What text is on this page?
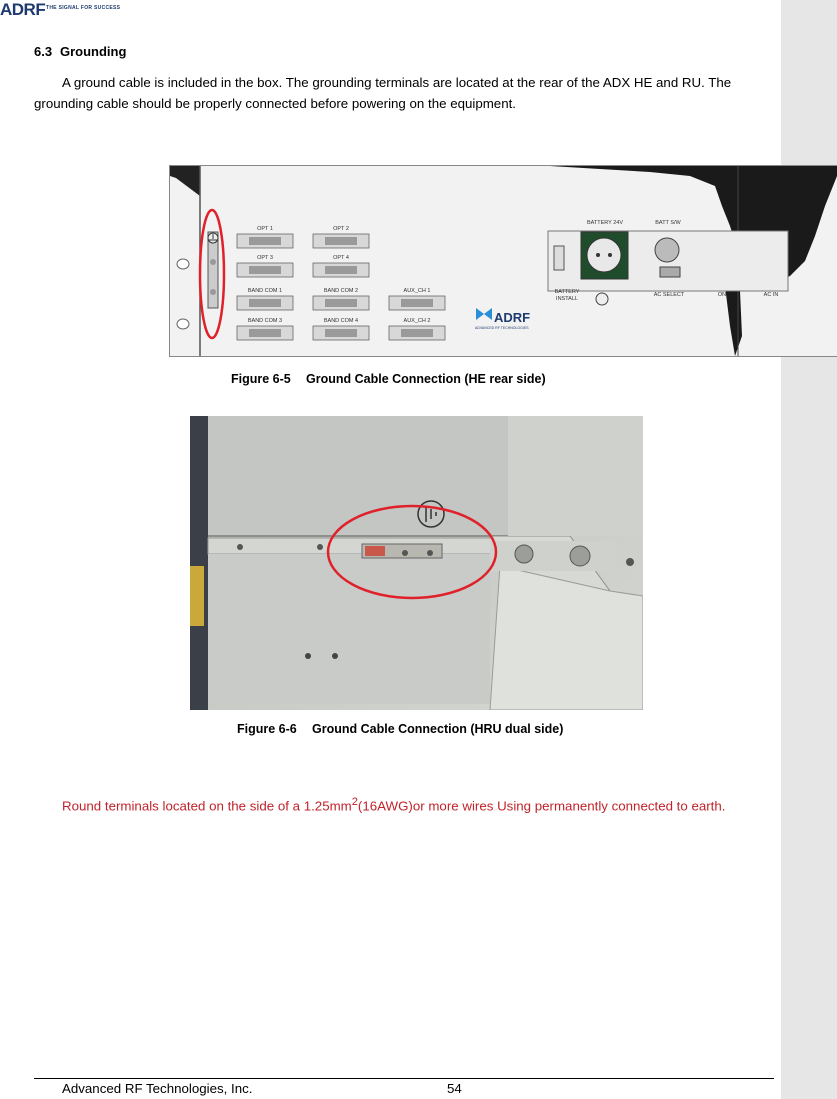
ADRF THE SIGNAL FOR SUCCESS
6.3 Grounding
A ground cable is included in the box. The grounding terminals are located at the rear of the ADX HE and RU. The grounding cable should be properly connected before powering on the equipment.
OPT 1	OPT 2
OPT 3	OPT 4
BAND COM 1	BAND COM 2	AUX_CH 1
BAND COM 3	BAND COM 4	AUX_CH 2	ADRF
ADVANCED RF TECHNOLOGIES
BATTERY 24V	BATT S/W
BATTERY
INSTALL
AC SELECT	ON	AC IN
Figure 6-5 Ground Cable Connection (HE rear side)
Figure 6-6 Ground Cable Connection (HRU dual side)
Round terminals located on the side of a $1.25mm^2(16AWG)or$ more wires Using permanently connected to earth.
Advanced RF Technologies, Inc.	54
